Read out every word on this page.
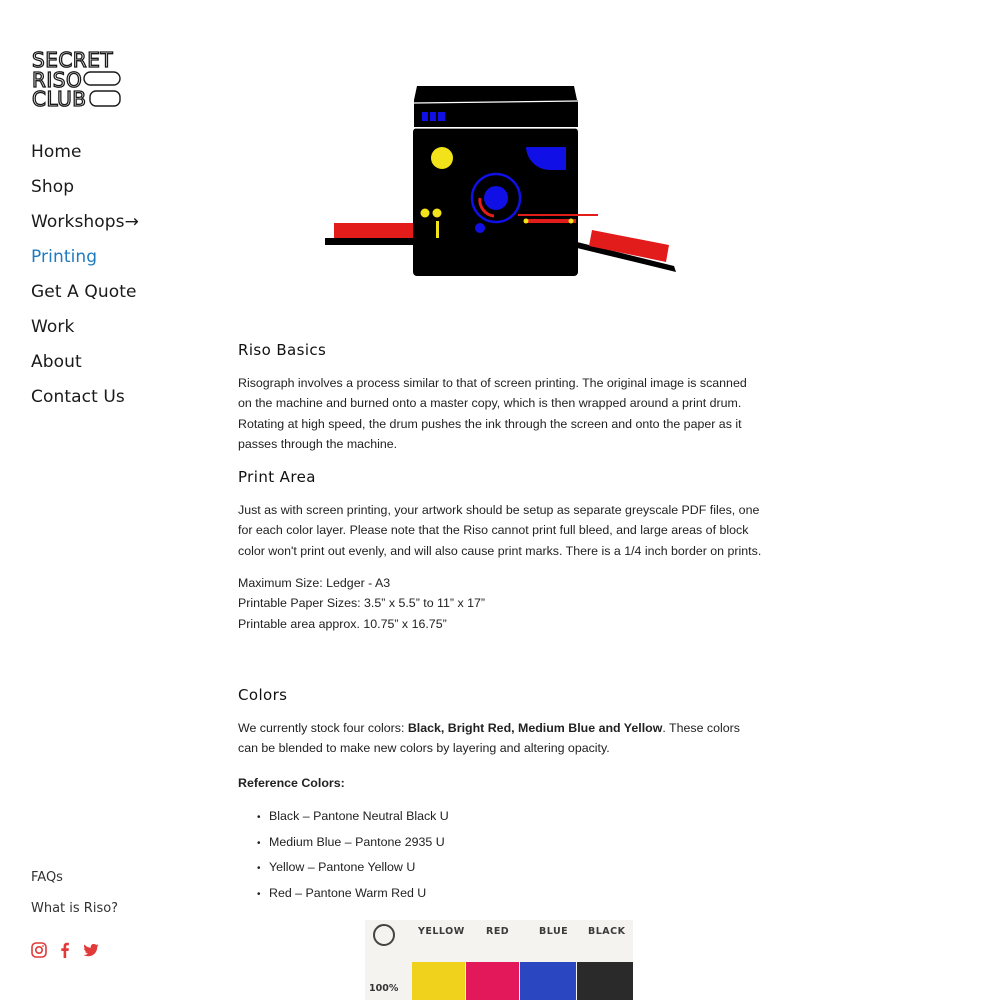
SECRET
RISO
CLUB
Home
Shop
Workshops→
Printing
Get A Quote
Work
About
Contact Us
FAQs
What is Riso?
Riso Basics

Risograph involves a process similar to that of screen printing. The original image is scanned on the machine and burned onto a master copy, which is then wrapped around a print drum. Rotating at high speed, the drum pushes the ink through the screen and onto the paper as it passes through the machine.

Print Area

Just as with screen printing, your artwork should be setup as separate greyscale PDF files, one for each color layer. Please note that the Riso cannot print full bleed, and large areas of block color won't print out evenly, and will also cause print marks. There is a 1/4 inch border on prints.

Maximum Size: Ledger - A3
Printable Paper Sizes: 3.5” x 5.5” to 11” x 17”
Printable area approx. 10.75” x 16.75”
Colors

We currently stock four colors: Black, Bright Red, Medium Blue and Yellow. These colors can be blended to make new colors by layering and altering opacity.

Reference Colors:

• Black – Pantone Neutral Black U
• Medium Blue – Pantone 2935 U
• Yellow – Pantone Yellow U
• Red – Pantone Warm Red U
YELLOW RED	BLUE BLACK
100%
